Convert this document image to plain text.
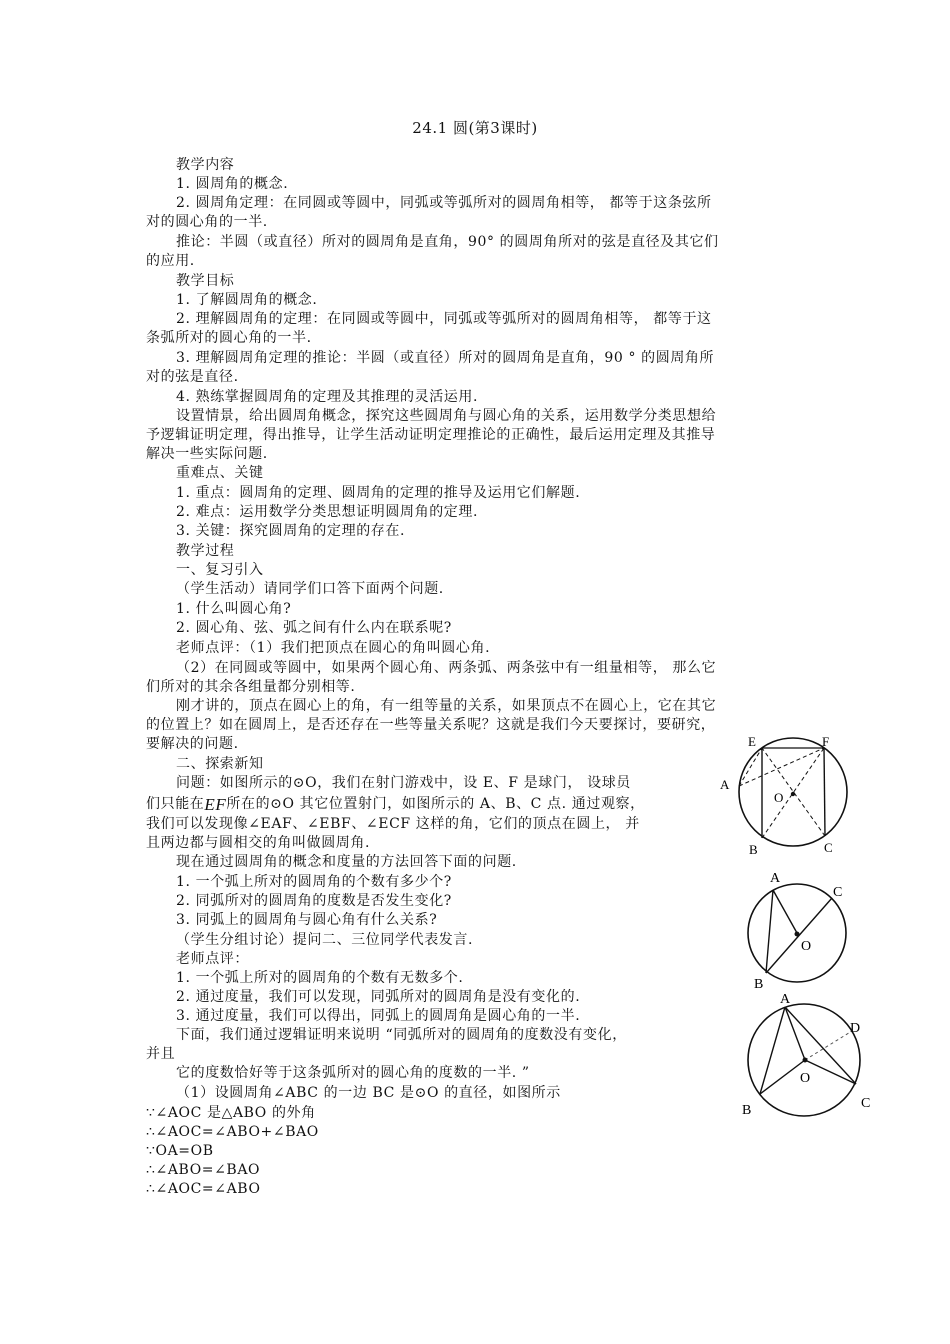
24.1 圆(第3课时)
教学内容
1. 圆周角的概念.
2. 圆周角定理：在同圆或等圆中，同弧或等弧所对的圆周角相等， 都等于这条弦所
对的圆心角的一半.
推论：半圆（或直径）所对的圆周角是直角，90° 的圆周角所对的弦是直径及其它们
的应用.
教学目标
1. 了解圆周角的概念.
2. 理解圆周角的定理：在同圆或等圆中，同弧或等弧所对的圆周角相等， 都等于这
条弧所对的圆心角的一半.
3. 理解圆周角定理的推论：半圆（或直径）所对的圆周角是直角，90 ° 的圆周角所
对的弦是直径.
4. 熟练掌握圆周角的定理及其推理的灵活运用.
设置情景，给出圆周角概念，探究这些圆周角与圆心角的关系，运用数学分类思想给
予逻辑证明定理，得出推导，让学生活动证明定理推论的正确性，最后运用定理及其推导
解决一些实际问题.
重难点、关键
1. 重点：圆周角的定理、圆周角的定理的推导及运用它们解题.
2. 难点：运用数学分类思想证明圆周角的定理.
3. 关键：探究圆周角的定理的存在.
教学过程
一、复习引入
（学生活动）请同学们口答下面两个问题.
1. 什么叫圆心角?
2. 圆心角、弦、弧之间有什么内在联系呢?
老师点评：（1）我们把顶点在圆心的角叫圆心角.
（2）在同圆或等圆中，如果两个圆心角、两条弧、两条弦中有一组量相等， 那么它
们所对的其余各组量都分别相等.
刚才讲的，顶点在圆心上的角，有一组等量的关系，如果顶点不在圆心上，它在其它
的位置上？如在圆周上，是否还存在一些等量关系呢？这就是我们今天要探讨，要研究，
要解决的问题.
二、探索新知
问题：如图所示的⊙O，我们在射门游戏中，设 E、F 是球门， 设球员
们只能在EF所在的⊙O 其它位置射门，如图所示的 A、B、C 点. 通过观察，
我们可以发现像∠EAF、∠EBF、∠ECF 这样的角，它们的顶点在圆上， 并
且两边都与圆相交的角叫做圆周角.
现在通过圆周角的概念和度量的方法回答下面的问题.
1. 一个弧上所对的圆周角的个数有多少个?
2. 同弧所对的圆周角的度数是否发生变化?
3. 同弧上的圆周角与圆心角有什么关系?
（学生分组讨论）提问二、三位同学代表发言.
老师点评：
1. 一个弧上所对的圆周角的个数有无数多个.
2. 通过度量，我们可以发现，同弧所对的圆周角是没有变化的.
3. 通过度量，我们可以得出，同弧上的圆周角是圆心角的一半.
下面，我们通过逻辑证明来说明 “同弧所对的圆周角的度数没有变化，
并且
它的度数恰好等于这条弧所对的圆心角的度数的一半. ”
（1）设圆周角∠ABC 的一边 BC 是⊙O 的直径，如图所示
∵∠AOC 是△ABO 的外角
∴∠AOC=∠ABO+∠BAO
∵OA=OB
∴∠ABO=∠BAO
∴∠AOC=∠ABO
E	F
A
O
B	C
A
C
O
B
A
D
O
B	C
